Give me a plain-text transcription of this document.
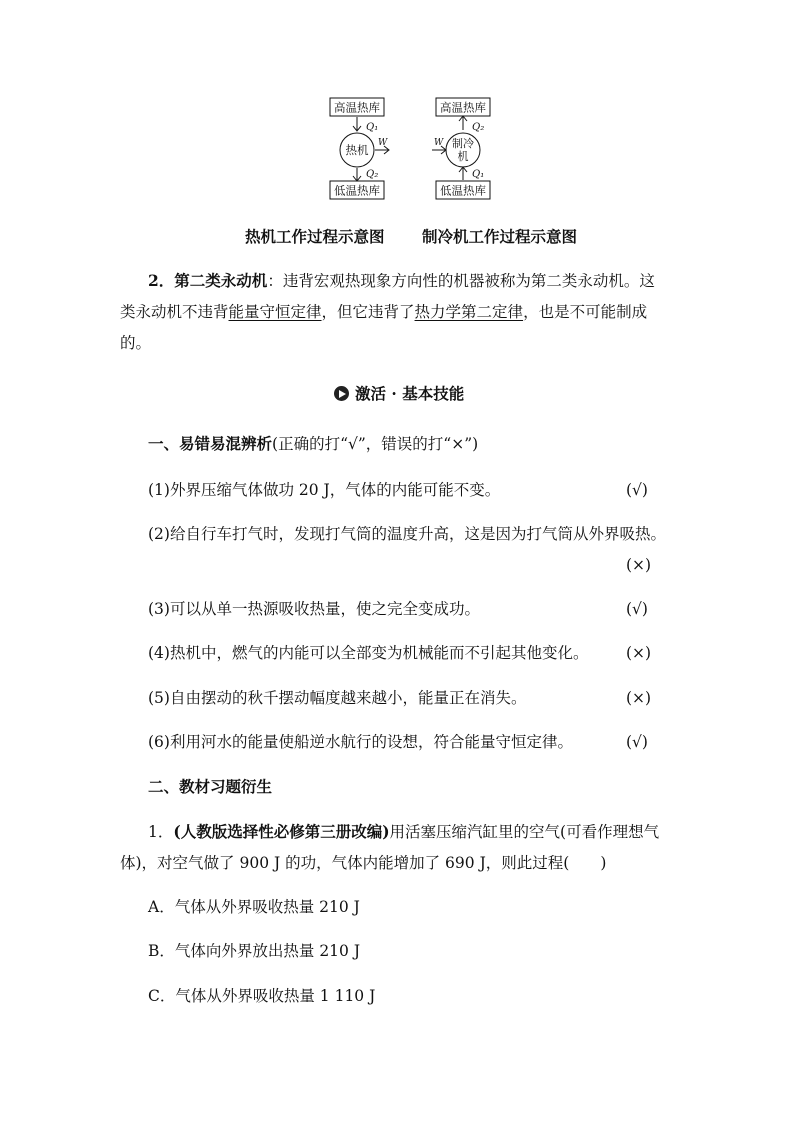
高温热库
Q₁
热机 W
Q₂
低温热库
高温热库
Q₂
制冷
机
W
Q₁
低温热库
热机工作过程示意图 制冷机工作过程示意图
2．第二类永动机：违背宏观热现象方向性的机器被称为第二类永动机。这
类永动机不违背能量守恒定律，但它违背了热力学第二定律，也是不可能制成
的。
激活 · 基本技能
一、易错易混辨析(正确的打“√”，错误的打“×”)
(1)外界压缩气体做功 20 J，气体的内能可能不变。	(√)
(2)给自行车打气时，发现打气筒的温度升高，这是因为打气筒从外界吸热。
(×)
(3)可以从单一热源吸收热量，使之完全变成功。	(√)
(4)热机中，燃气的内能可以全部变为机械能而不引起其他变化。 (×)
(5)自由摆动的秋千摆动幅度越来越小，能量正在消失。	(×)
(6)利用河水的能量使船逆水航行的设想，符合能量守恒定律。	(√)
二、教材习题衍生
1．(人教版选择性必修第三册改编)用活塞压缩汽缸里的空气(可看作理想气
体)，对空气做了 900 J 的功，气体内能增加了 690 J，则此过程(　　)
A．气体从外界吸收热量 210 J
B．气体向外界放出热量 210 J
C．气体从外界吸收热量 1 110 J
